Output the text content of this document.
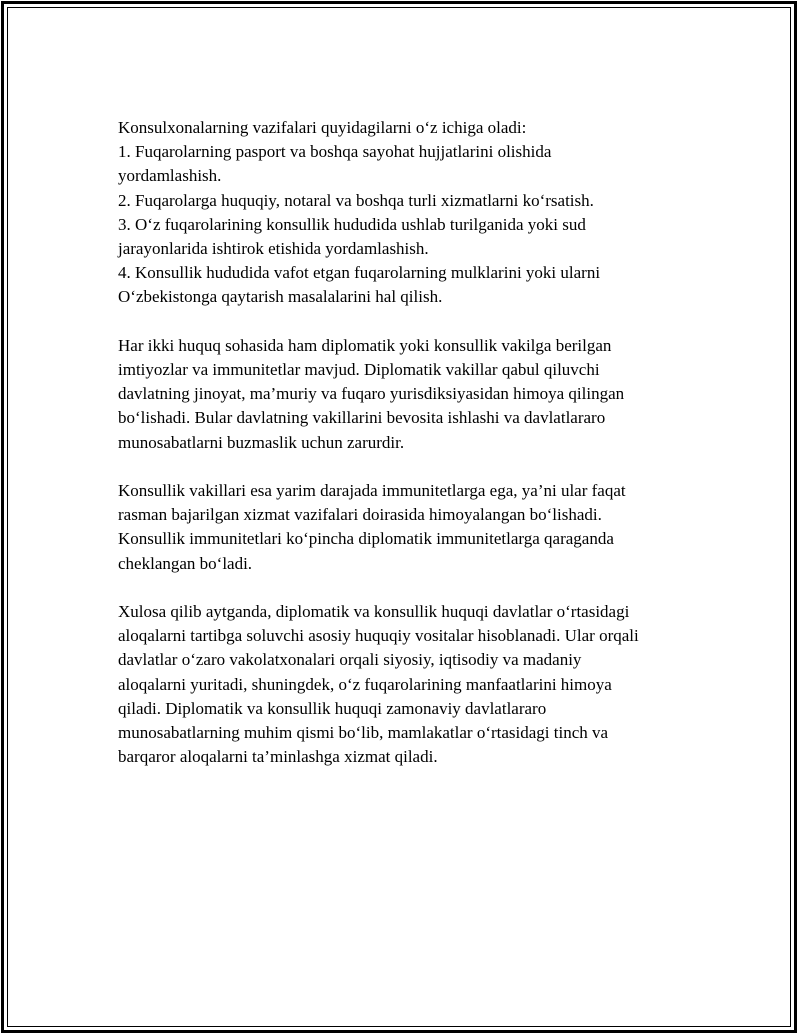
Konsulxonalarning vazifalari quyidagilarni o‘z ichiga oladi:
1. Fuqarolarning pasport va boshqa sayohat hujjatlarini olishida
yordamlashish.
2. Fuqarolarga huquqiy, notaral va boshqa turli xizmatlarni ko‘rsatish.
3. O‘z fuqarolarining konsullik hududida ushlab turilganida yoki sud
jarayonlarida ishtirok etishida yordamlashish.
4. Konsullik hududida vafot etgan fuqarolarning mulklarini yoki ularni
O‘zbekistonga qaytarish masalalarini hal qilish.
Har ikki huquq sohasida ham diplomatik yoki konsullik vakilga berilgan
imtiyozlar va immunitetlar mavjud. Diplomatik vakillar qabul qiluvchi
davlatning jinoyat, ma’muriy va fuqaro yurisdiksiyasidan himoya qilingan
bo‘lishadi. Bular davlatning vakillarini bevosita ishlashi va davlatlararo
munosabatlarni buzmaslik uchun zarurdir.
Konsullik vakillari esa yarim darajada immunitetlarga ega, ya’ni ular faqat
rasman bajarilgan xizmat vazifalari doirasida himoyalangan bo‘lishadi.
Konsullik immunitetlari ko‘pincha diplomatik immunitetlarga qaraganda
cheklangan bo‘ladi.
Xulosa qilib aytganda, diplomatik va konsullik huquqi davlatlar o‘rtasidagi
aloqalarni tartibga soluvchi asosiy huquqiy vositalar hisoblanadi. Ular orqali
davlatlar o‘zaro vakolatxonalari orqali siyosiy, iqtisodiy va madaniy
aloqalarni yuritadi, shuningdek, o‘z fuqarolarining manfaatlarini himoya
qiladi. Diplomatik va konsullik huquqi zamonaviy davlatlararo
munosabatlarning muhim qismi bo‘lib, mamlakatlar o‘rtasidagi tinch va
barqaror aloqalarni ta’minlashga xizmat qiladi.
